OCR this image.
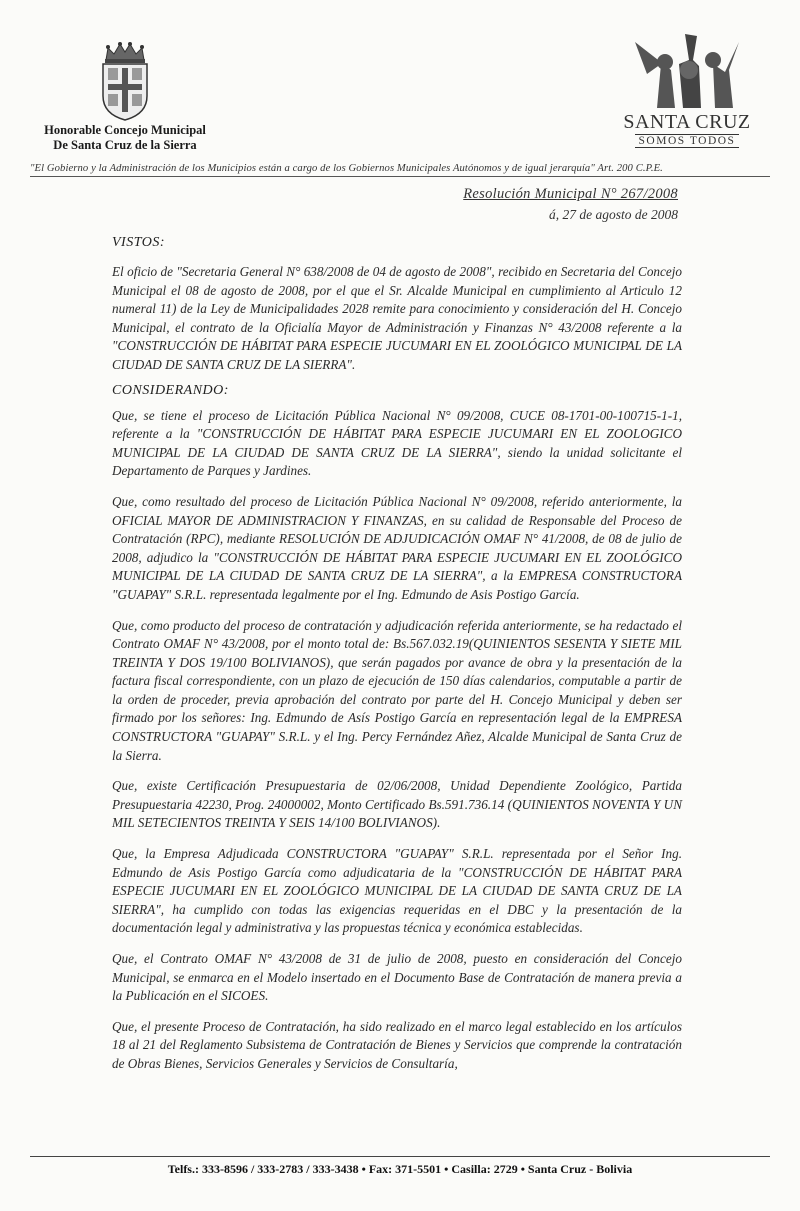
Honorable Concejo Municipal
De Santa Cruz de la Sierra
SANTA CRUZ
SOMOS TODOS
"El Gobierno y la Administración de los Municipios están a cargo de los Gobiernos Municipales Autónomos y de igual jerarquía" Art. 200 C.P.E.
Resolución Municipal N° 267/2008
á, 27 de agosto de 2008

VISTOS:

El oficio de "Secretaria General N° 638/2008 de 04 de agosto de 2008", recibido en Secretaria del Concejo Municipal el 08 de agosto de 2008, por el que el Sr. Alcalde Municipal en cumplimiento al Articulo 12 numeral 11) de la Ley de Municipalidades 2028 remite para conocimiento y consideración del H. Concejo Municipal, el contrato de la Oficialía Mayor de Administración y Finanzas N° 43/2008 referente a la "CONSTRUCCIÓN DE HÁBITAT PARA ESPECIE JUCUMARI EN EL ZOOLÓGICO MUNICIPAL DE LA CIUDAD DE SANTA CRUZ DE LA SIERRA".

CONSIDERANDO:

Que, se tiene el proceso de Licitación Pública Nacional N° 09/2008, CUCE 08-1701-00-100715-1-1, referente a la "CONSTRUCCIÓN DE HÁBITAT PARA ESPECIE JUCUMARI EN EL ZOOLOGICO MUNICIPAL DE LA CIUDAD DE SANTA CRUZ DE LA SIERRA", siendo la unidad solicitante el Departamento de Parques y Jardines.

Que, como resultado del proceso de Licitación Pública Nacional N° 09/2008, referido anteriormente, la OFICIAL MAYOR DE ADMINISTRACION Y FINANZAS, en su calidad de Responsable del Proceso de Contratación (RPC), mediante RESOLUCIÓN DE ADJUDICACIÓN OMAF N° 41/2008, de 08 de julio de 2008, adjudico la "CONSTRUCCIÓN DE HÁBITAT PARA ESPECIE JUCUMARI EN EL ZOOLÓGICO MUNICIPAL DE LA CIUDAD DE SANTA CRUZ DE LA SIERRA", a la EMPRESA CONSTRUCTORA "GUAPAY" S.R.L. representada legalmente por el Ing. Edmundo de Asis Postigo García.

Que, como producto del proceso de contratación y adjudicación referida anteriormente, se ha redactado el Contrato OMAF N° 43/2008, por el monto total de: Bs.567.032.19(QUINIENTOS SESENTA Y SIETE MIL TREINTA Y DOS 19/100 BOLIVIANOS), que serán pagados por avance de obra y la presentación de la factura fiscal correspondiente, con un plazo de ejecución de 150 días calendarios, computable a partir de la orden de proceder, previa aprobación del contrato por parte del H. Concejo Municipal y deben ser firmado por los señores: Ing. Edmundo de Asís Postigo García en representación legal de la EMPRESA CONSTRUCTORA "GUAPAY" S.R.L. y el Ing. Percy Fernández Añez, Alcalde Municipal de Santa Cruz de la Sierra.

Que, existe Certificación Presupuestaria de 02/06/2008, Unidad Dependiente Zoológico, Partida Presupuestaria 42230, Prog. 24000002, Monto Certificado Bs.591.736.14 (QUINIENTOS NOVENTA Y UN MIL SETECIENTOS TREINTA Y SEIS 14/100 BOLIVIANOS).

Que, la Empresa Adjudicada CONSTRUCTORA "GUAPAY" S.R.L. representada por el Señor Ing. Edmundo de Asis Postigo García como adjudicataria de la "CONSTRUCCIÓN DE HÁBITAT PARA ESPECIE JUCUMARI EN EL ZOOLÓGICO MUNICIPAL DE LA CIUDAD DE SANTA CRUZ DE LA SIERRA", ha cumplido con todas las exigencias requeridas en el DBC y la presentación de la documentación legal y administrativa y las propuestas técnica y económica establecidas.

Que, el Contrato OMAF N° 43/2008 de 31 de julio de 2008, puesto en consideración del Concejo Municipal, se enmarca en el Modelo insertado en el Documento Base de Contratación de manera previa a la Publicación en el SICOES.

Que, el presente Proceso de Contratación, ha sido realizado en el marco legal establecido en los artículos 18 al 21 del Reglamento Subsistema de Contratación de Bienes y Servicios que comprende la contratación de Obras Bienes, Servicios Generales y Servicios de Consultaría,

Telfs.: 333-8596 / 333-2783 / 333-3438 • Fax: 371-5501 • Casilla: 2729 • Santa Cruz - Bolivia
